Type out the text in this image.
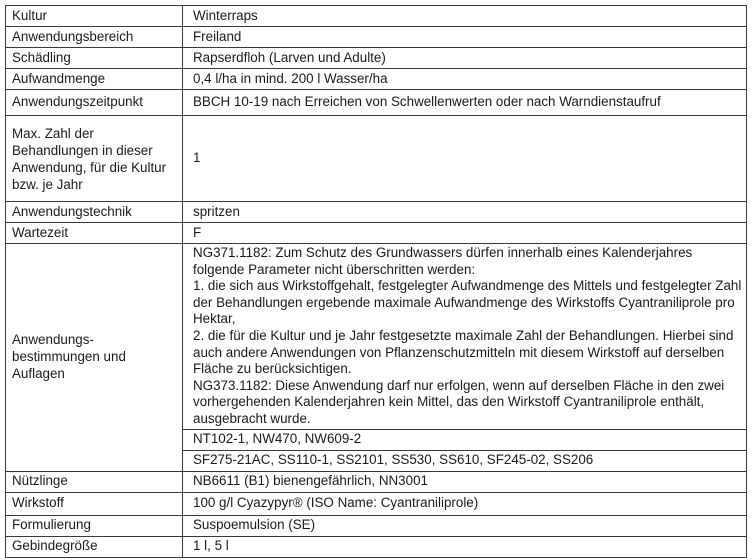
Kultur	Winterraps
Anwendungsbereich	Freiland
Schädling	Rapserdfloh (Larven und Adulte)
Aufwandmenge	0,4 l/ha in mind. 200 l Wasser/ha
Anwendungszeitpunkt	BBCH 10-19 nach Erreichen von Schwellenwerten oder nach Warndienstaufruf
Max. Zahl der Behandlungen in dieser Anwendung, für die Kultur bzw. je Jahr	1
Anwendungstechnik	spritzen
Wartezeit	F
Anwendungs-bestimmungen und Auflagen	NG371.1182: Zum Schutz des Grundwassers dürfen innerhalb eines Kalenderjahres folgende Parameter nicht überschritten werden:
1. die sich aus Wirkstoffgehalt, festgelegter Aufwandmenge des Mittels und festgelegter Zahl der Behandlungen ergebende maximale Aufwandmenge des Wirkstoffs Cyantraniliprole pro Hektar,
2. die für die Kultur und je Jahr festgesetzte maximale Zahl der Behandlungen. Hierbei sind auch andere Anwendungen von Pflanzenschutzmitteln mit diesem Wirkstoff auf derselben Fläche zu berücksichtigen.
NG373.1182: Diese Anwendung darf nur erfolgen, wenn auf derselben Fläche in den zwei vorhergehenden Kalenderjahren kein Mittel, das den Wirkstoff Cyantraniliprole enthält, ausgebracht wurde.

	NT102-1, NW470, NW609-2
	SF275-21AC, SS110-1, SS2101, SS530, SS610, SF245-02, SS206
Nützlinge	NB6611 (B1) bienengefährlich, NN3001
Wirkstoff	100 g/l Cyazypyr® (ISO Name: Cyantraniliprole)
Formulierung	Suspoemulsion (SE)
Gebindegröße	1 l, 5 l
